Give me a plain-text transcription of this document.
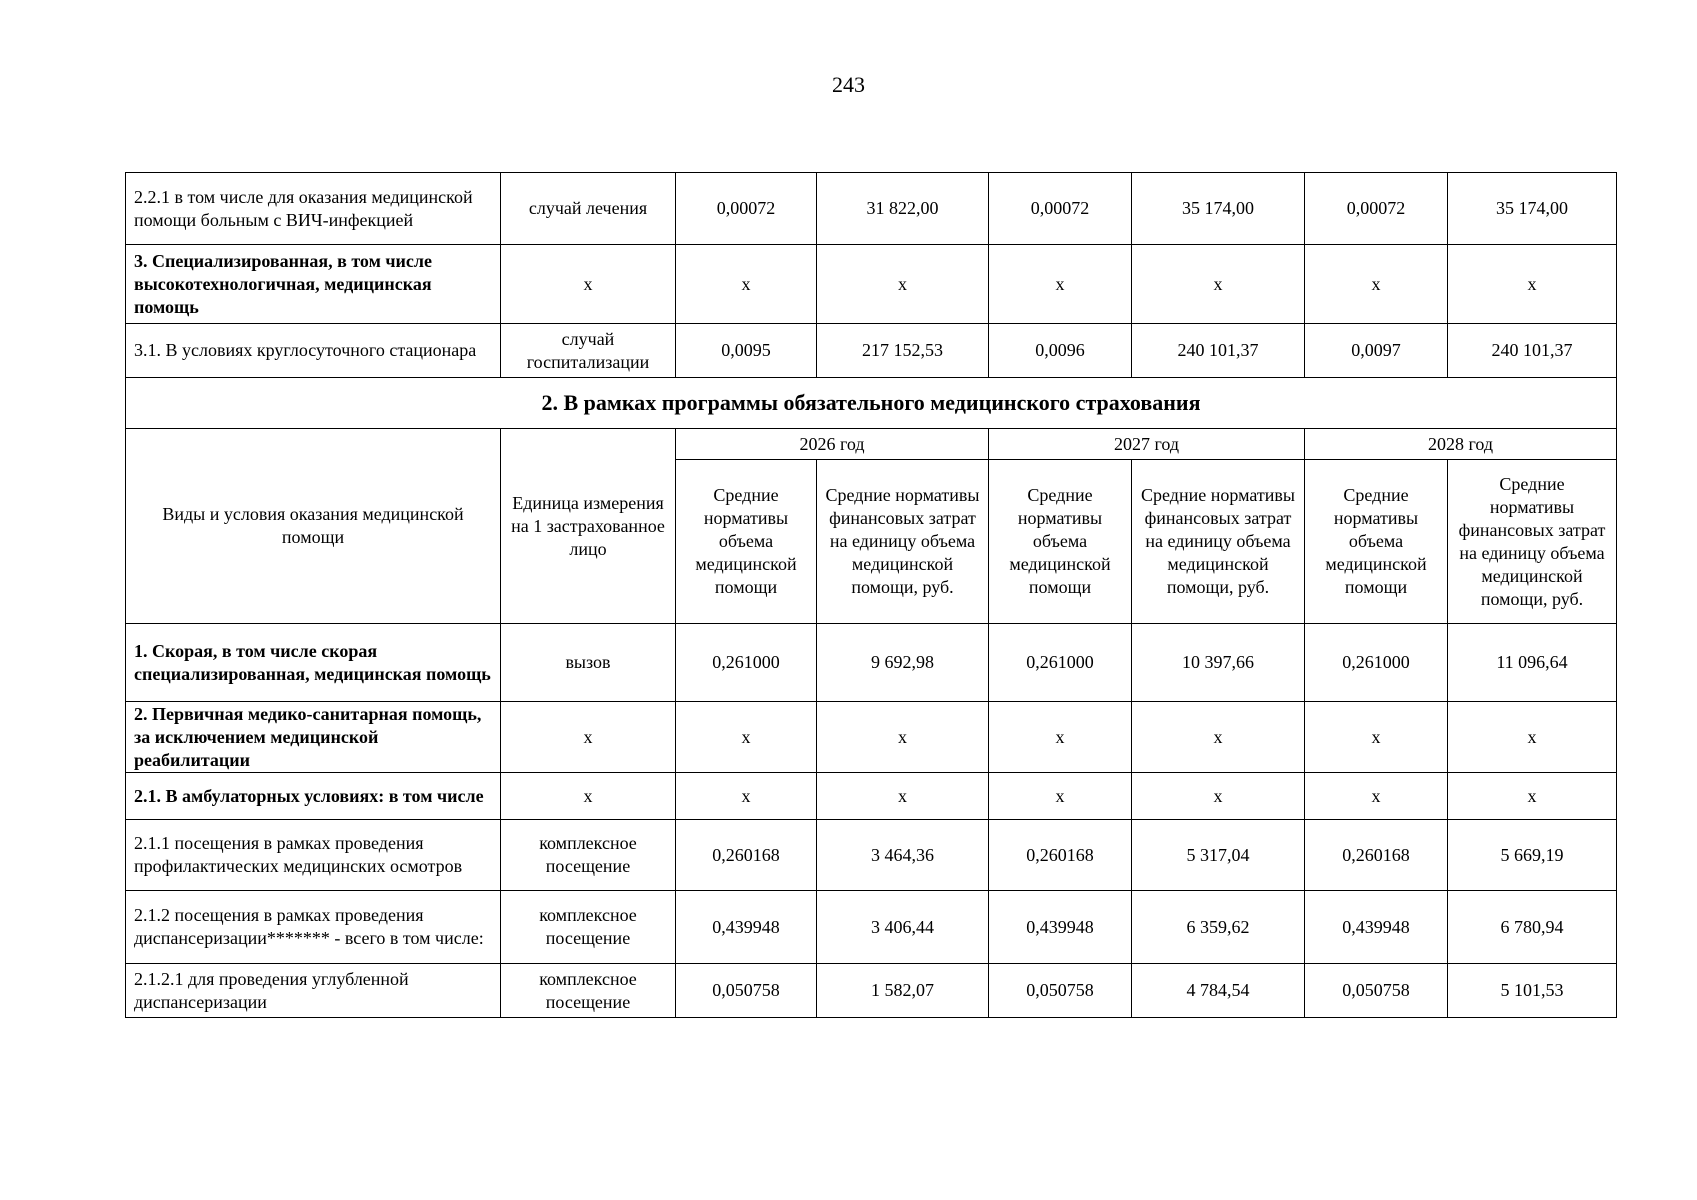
243
2.2.1 в том числе для оказания медицинской помощи больным с ВИЧ-инфекцией	случай лечения	0,00072	31 822,00	0,00072	35 174,00	0,00072	35 174,00
3. Специализированная, в том числе высокотехнологичная, медицинская помощь	х	х	х	х	х	х	х
3.1. В условиях круглосуточного стационара	случай госпитализации	0,0095	217 152,53	0,0096	240 101,37	0,0097	240 101,37
2. В рамках программы обязательного медицинского страхования							
Виды и условия оказания медицинской помощи	Единица измерения на 1 застрахованное лицо	2026 год		2027 год		2028 год	
		Средние нормативы объема медицинской помощи	Средние нормативы финансовых затрат на единицу объема медицинской помощи, руб.	Средние нормативы объема медицинской помощи	Средние нормативы финансовых затрат на единицу объема медицинской помощи, руб.	Средние нормативы объема медицинской помощи	Средние нормативы финансовых затрат на единицу объема медицинской помощи, руб.
1. Скорая, в том числе скорая специализированная, медицинская помощь	вызов	0,261000	9 692,98	0,261000	10 397,66	0,261000	11 096,64
2. Первичная медико-санитарная помощь, за исключением медицинской реабилитации	х	х	х	х	х	х	х
2.1. В амбулаторных условиях: в том числе	х	х	х	х	х	х	х
2.1.1 посещения в рамках проведения профилактических медицинских осмотров	комплексное посещение	0,260168	3 464,36	0,260168	5 317,04	0,260168	5 669,19
2.1.2 посещения в рамках проведения диспансеризации******* - всего в том числе:	комплексное посещение	0,439948	3 406,44	0,439948	6 359,62	0,439948	6 780,94
2.1.2.1 для проведения углубленной диспансеризации	комплексное посещение	0,050758	1 582,07	0,050758	4 784,54	0,050758	5 101,53
